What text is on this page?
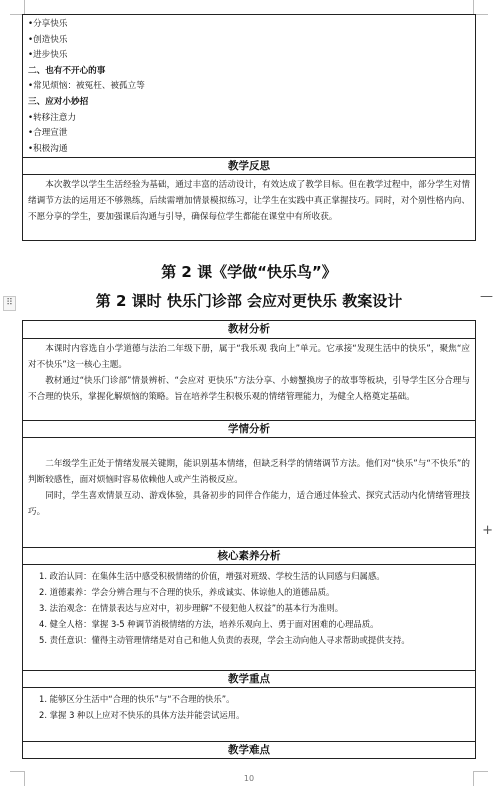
•分享快乐
•创造快乐
•进步快乐
二、也有不开心的事
•常见烦恼：被冤枉、被孤立等
三、应对小妙招
•转移注意力
•合理宣泄
•积极沟通
教学反思

本次教学以学生生活经验为基础，通过丰富的活动设计，有效达成了教学目标。但在教学过程中，部分学生对情绪调节方法的运用还不够熟练，后续需增加情景模拟练习，让学生在实践中真正掌握技巧。同时，对个别性格内向、不愿分享的学生，要加强课后沟通与引导，确保每位学生都能在课堂中有所收获。

第 2 课《学做“快乐鸟”》
第 2 课时 快乐门诊部 会应对更快乐 教案设计
教材分析

本课时内容选自小学道德与法治二年级下册，属于“我乐观 我向上”单元。它承接“发现生活中的快乐”，聚焦“应对不快乐”这一核心主题。

教材通过“快乐门诊部”情景辨析、“会应对 更快乐”方法分享、小螃蟹换房子的故事等板块，引导学生区分合理与不合理的快乐，掌握化解烦恼的策略。旨在培养学生积极乐观的情绪管理能力，为健全人格奠定基础。

学情分析

二年级学生正处于情绪发展关键期，能识别基本情绪，但缺乏科学的情绪调节方法。他们对“快乐”与“不快乐”的判断较感性，面对烦恼时容易依赖他人或产生消极反应。

同时，学生喜欢情景互动、游戏体验，具备初步的同伴合作能力，适合通过体验式、探究式活动内化情绪管理技巧。

核心素养分析
1. 政治认同：在集体生活中感受积极情绪的价值，增强对班级、学校生活的认同感与归属感。
2. 道德素养：学会分辨合理与不合理的快乐，养成诚实、体谅他人的道德品质。
3. 法治观念：在情景表达与应对中，初步理解“不侵犯他人权益”的基本行为准则。
4. 健全人格：掌握 3-5 种调节消极情绪的方法，培养乐观向上、勇于面对困难的心理品质。
5. 责任意识：懂得主动管理情绪是对自己和他人负责的表现，学会主动向他人寻求帮助或提供支持。
教学重点
1. 能够区分生活中“合理的快乐”与“不合理的快乐”。
2. 掌握 3 种以上应对不快乐的具体方法并能尝试运用。
教学难点
⠿	—
+
10
